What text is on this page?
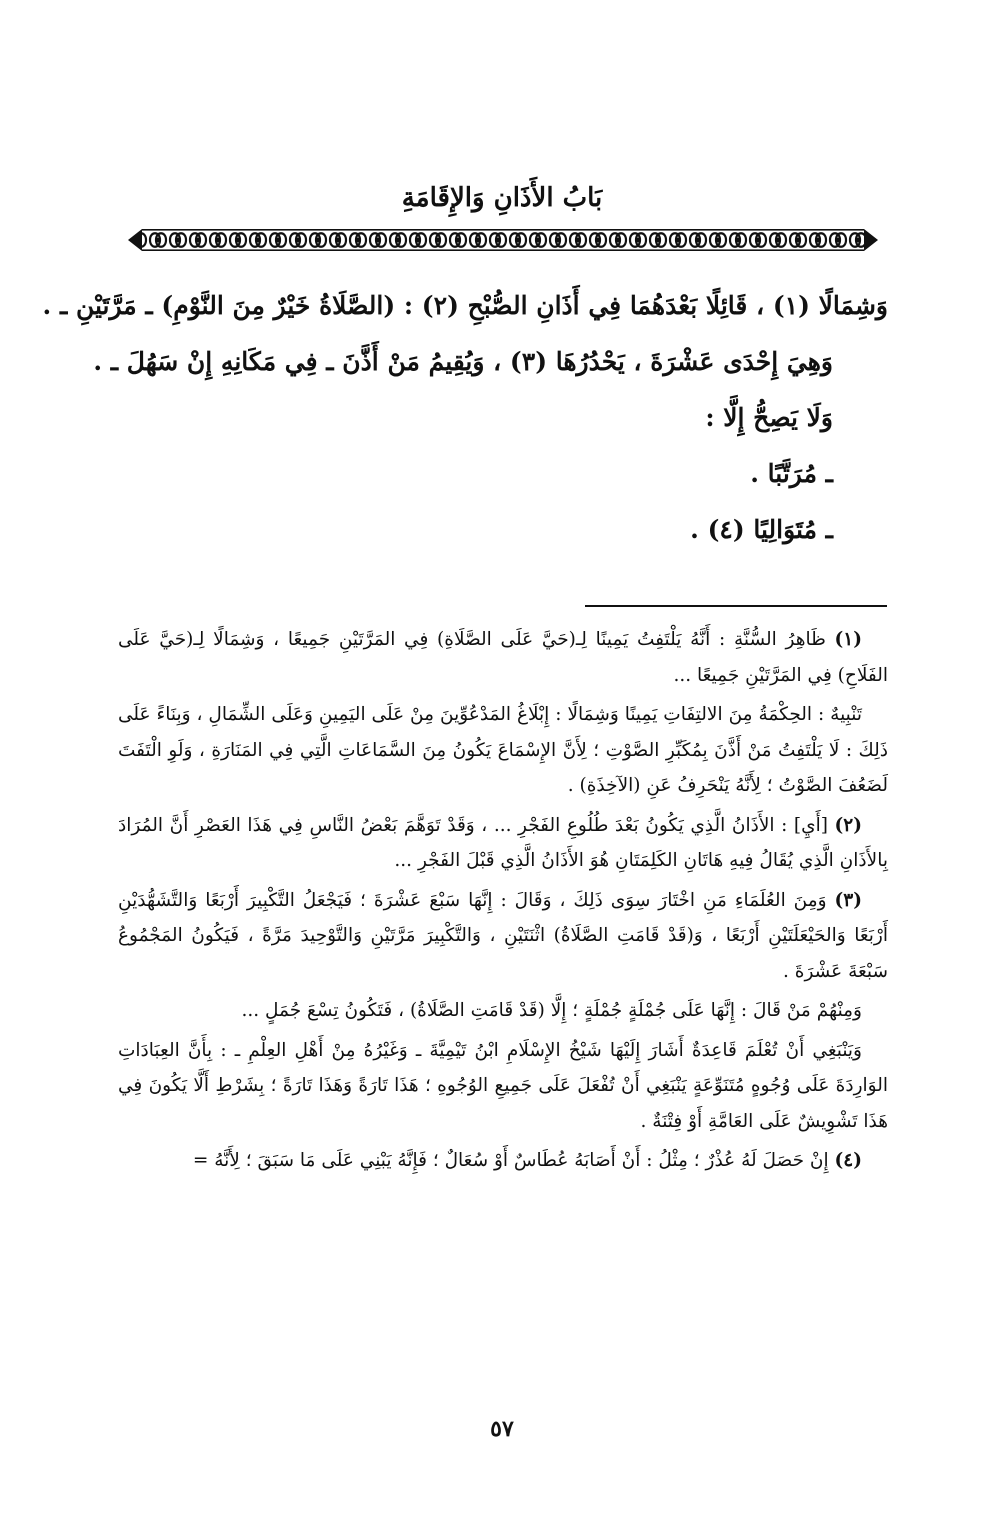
بَابُ الأَذَانِ وَالإِقَامَةِ
وَشِمَالًا (١) ، قَائِلًا بَعْدَهُمَا فِي أَذَانِ الصُّبْحِ (٢) : (الصَّلَاةُ خَيْرٌ مِنَ النَّوْمِ) ـ مَرَّتَيْنِ ـ .
وَهِيَ إِحْدَى عَشْرَةَ ، يَحْدُرُهَا (٣) ، وَيُقِيمُ مَنْ أَذَّنَ ـ فِي مَكَانِهِ إِنْ سَهُلَ ـ .
وَلَا يَصِحُّ إِلَّا :
ـ مُرَتَّبًا .
ـ مُتَوَالِيًا (٤) .

(١) ظَاهِرُ السُّنَّةِ : أَنَّهُ يَلْتَفِتُ يَمِينًا لِـ(حَيَّ عَلَى الصَّلَاةِ) فِي المَرَّتَيْنِ جَمِيعًا ، وَشِمَالًا لِـ(حَيَّ عَلَى الفَلَاحِ) فِي المَرَّتَيْنِ جَمِيعًا ...

تَنْبِيهٌ : الحِكْمَةُ مِنَ الالتِفَاتِ يَمِينًا وَشِمَالًا : إِبْلَاغُ المَدْعُوِّينَ مِنْ عَلَى اليَمِينِ وَعَلَى الشِّمَالِ ، وَبِنَاءً عَلَى ذَلِكَ : لَا يَلْتَفِتُ مَنْ أَذَّنَ بِمُكَبِّرِ الصَّوْتِ ؛ لِأَنَّ الإِسْمَاعَ يَكُونُ مِنَ السَّمَاعَاتِ الَّتِي فِي المَنَارَةِ ، وَلَوِ الْتَفَتَ لَضَعُفَ الصَّوْتُ ؛ لِأَنَّهُ يَنْحَرِفُ عَنِ (الآخِذَةِ) .

(٢) [أَيِ] : الأَذَانُ الَّذِي يَكُونُ بَعْدَ طُلُوعِ الفَجْرِ ... ، وَقَدْ تَوَهَّمَ بَعْضُ النَّاسِ فِي هَذَا العَصْرِ أَنَّ المُرَادَ بِالأَذَانِ الَّذِي يُقَالُ فِيهِ هَاتَانِ الكَلِمَتَانِ هُوَ الأَذَانُ الَّذِي قَبْلَ الفَجْرِ ...

(٣) وَمِنَ العُلَمَاءِ مَنِ اخْتَارَ سِوَى ذَلِكَ ، وَقَالَ : إِنَّهَا سَبْعَ عَشْرَةَ ؛ فَيَجْعَلُ التَّكْبِيرَ أَرْبَعًا وَالتَّشَهُّدَيْنِ أَرْبَعًا وَالحَيْعَلَتَيْنِ أَرْبَعًا ، وَ(قَدْ قَامَتِ الصَّلَاةُ) اثْنَتَيْنِ ، وَالتَّكْبِيرَ مَرَّتَيْنِ وَالتَّوْحِيدَ مَرَّةً ، فَيَكُونُ المَجْمُوعُ سَبْعَةَ عَشْرَةَ .

وَمِنْهُمْ مَنْ قَالَ : إِنَّهَا عَلَى جُمْلَةٍ جُمْلَةٍ ؛ إِلَّا (قَدْ قَامَتِ الصَّلَاةُ) ، فَتَكُونُ تِسْعَ جُمَلٍ ...

وَيَنْبَغِي أَنْ تُعْلَمَ قَاعِدَةٌ أَشَارَ إِلَيْهَا شَيْخُ الإِسْلَامِ ابْنُ تَيْمِيَّةَ ـ وَغَيْرُهُ مِنْ أَهْلِ العِلْمِ ـ : بِأَنَّ العِبَادَاتِ الوَارِدَةَ عَلَى وُجُوهٍ مُتَنَوِّعَةٍ يَنْبَغِي أَنْ تُفْعَلَ عَلَى جَمِيعِ الوُجُوهِ ؛ هَذَا تَارَةً وَهَذَا تَارَةً ؛ بِشَرْطِ أَلَّا يَكُونَ فِي هَذَا تَشْوِيشٌ عَلَى العَامَّةِ أَوْ فِتْنَةٌ .

(٤) إِنْ حَصَلَ لَهُ عُذْرٌ ؛ مِثْلُ : أَنْ أَصَابَهُ عُطَاسٌ أَوْ سُعَالٌ ؛ فَإِنَّهُ يَبْنِي عَلَى مَا سَبَقَ ؛ لِأَنَّهُ =

٥٧
